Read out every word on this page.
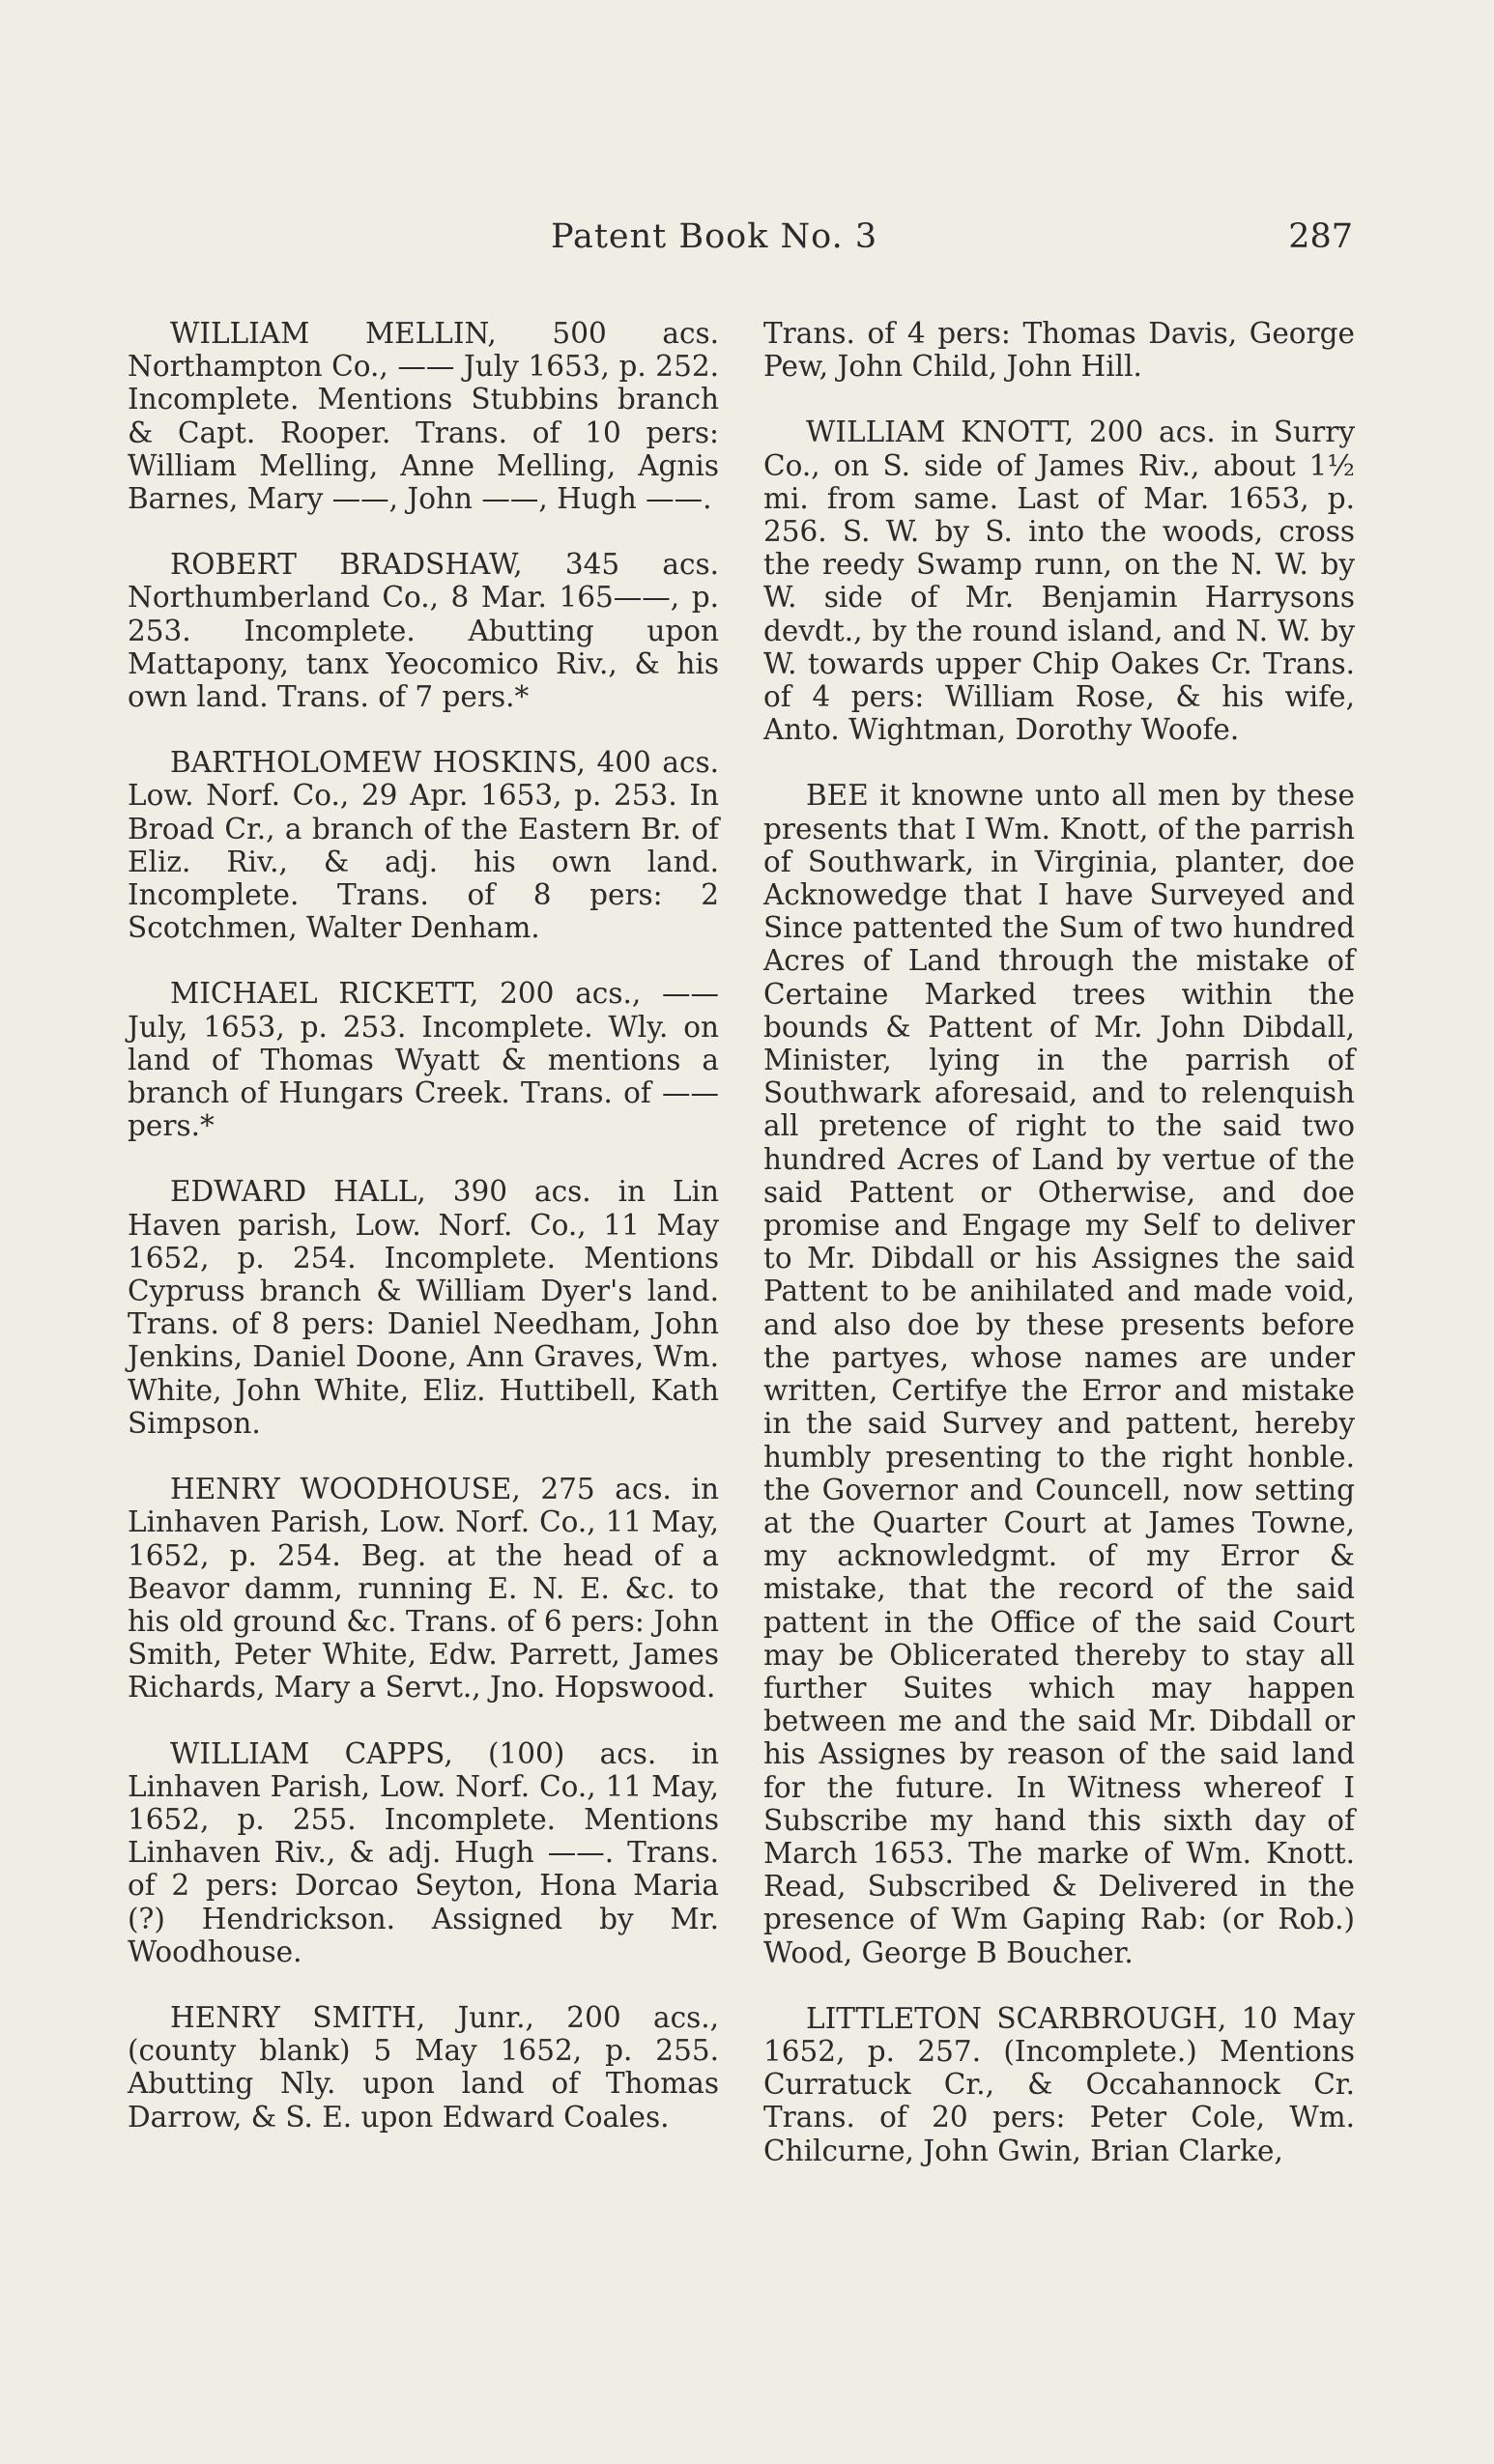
Patent Book No. 3	287

WILLIAM MELLIN, 500 acs. Northampton Co., —— July 1653, p. 252. Incomplete. Mentions Stubbins branch & Capt. Rooper. Trans. of 10 pers: William Melling, Anne Melling, Agnis Barnes, Mary ——, John ——, Hugh ——.

ROBERT BRADSHAW, 345 acs. Northumberland Co., 8 Mar. 165——, p. 253. Incomplete. Abutting upon Mattapony, tanx Yeocomico Riv., & his own land. Trans. of 7 pers.*

BARTHOLOMEW HOSKINS, 400 acs. Low. Norf. Co., 29 Apr. 1653, p. 253. In Broad Cr., a branch of the Eastern Br. of Eliz. Riv., & adj. his own land. Incomplete. Trans. of 8 pers: 2 Scotchmen, Walter Denham.

MICHAEL RICKETT, 200 acs., —— July, 1653, p. 253. Incomplete. Wly. on land of Thomas Wyatt & mentions a branch of Hungars Creek. Trans. of —— pers.*

EDWARD HALL, 390 acs. in Lin Haven parish, Low. Norf. Co., 11 May 1652, p. 254. Incomplete. Mentions Cypruss branch & William Dyer's land. Trans. of 8 pers: Daniel Needham, John Jenkins, Daniel Doone, Ann Graves, Wm. White, John White, Eliz. Huttibell, Kath Simpson.

HENRY WOODHOUSE, 275 acs. in Linhaven Parish, Low. Norf. Co., 11 May, 1652, p. 254. Beg. at the head of a Beavor damm, running E. N. E. &c. to his old ground &c. Trans. of 6 pers: John Smith, Peter White, Edw. Parrett, James Richards, Mary a Servt., Jno. Hopswood.

WILLIAM CAPPS, (100) acs. in Linhaven Parish, Low. Norf. Co., 11 May, 1652, p. 255. Incomplete. Mentions Linhaven Riv., & adj. Hugh ——. Trans. of 2 pers: Dorcao Seyton, Hona Maria (?) Hendrickson. Assigned by Mr. Woodhouse.

HENRY SMITH, Junr., 200 acs., (county blank) 5 May 1652, p. 255. Abutting Nly. upon land of Thomas Darrow, & S. E. upon Edward Coales.

Trans. of 4 pers: Thomas Davis, George Pew, John Child, John Hill.

WILLIAM KNOTT, 200 acs. in Surry Co., on S. side of James Riv., about 1½ mi. from same. Last of Mar. 1653, p. 256. S. W. by S. into the woods, cross the reedy Swamp runn, on the N. W. by W. side of Mr. Benjamin Harrysons devdt., by the round island, and N. W. by W. towards upper Chip Oakes Cr. Trans. of 4 pers: William Rose, & his wife, Anto. Wightman, Dorothy Woofe.

BEE it knowne unto all men by these presents that I Wm. Knott, of the parrish of Southwark, in Virginia, planter, doe Acknowedge that I have Surveyed and Since pattented the Sum of two hundred Acres of Land through the mistake of Certaine Marked trees within the bounds & Pattent of Mr. John Dibdall, Minister, lying in the parrish of Southwark aforesaid, and to relenquish all pretence of right to the said two hundred Acres of Land by vertue of the said Pattent or Otherwise, and doe promise and Engage my Self to deliver to Mr. Dibdall or his Assignes the said Pattent to be anihilated and made void, and also doe by these presents before the partyes, whose names are under written, Certifye the Error and mistake in the said Survey and pattent, hereby humbly presenting to the right honble. the Governor and Councell, now setting at the Quarter Court at James Towne, my acknowledgmt. of my Error & mistake, that the record of the said pattent in the Office of the said Court may be Oblicerated thereby to stay all further Suites which may happen between me and the said Mr. Dibdall or his Assignes by reason of the said land for the future. In Witness whereof I Subscribe my hand this sixth day of March 1653. The marke of Wm. Knott. Read, Subscribed & Delivered in the presence of Wm Gaping Rab: (or Rob.) Wood, George B Boucher.

LITTLETON SCARBROUGH, 10 May 1652, p. 257. (Incomplete.) Mentions Curratuck Cr., & Occahannock Cr. Trans. of 20 pers: Peter Cole, Wm. Chilcurne, John Gwin, Brian Clarke,
